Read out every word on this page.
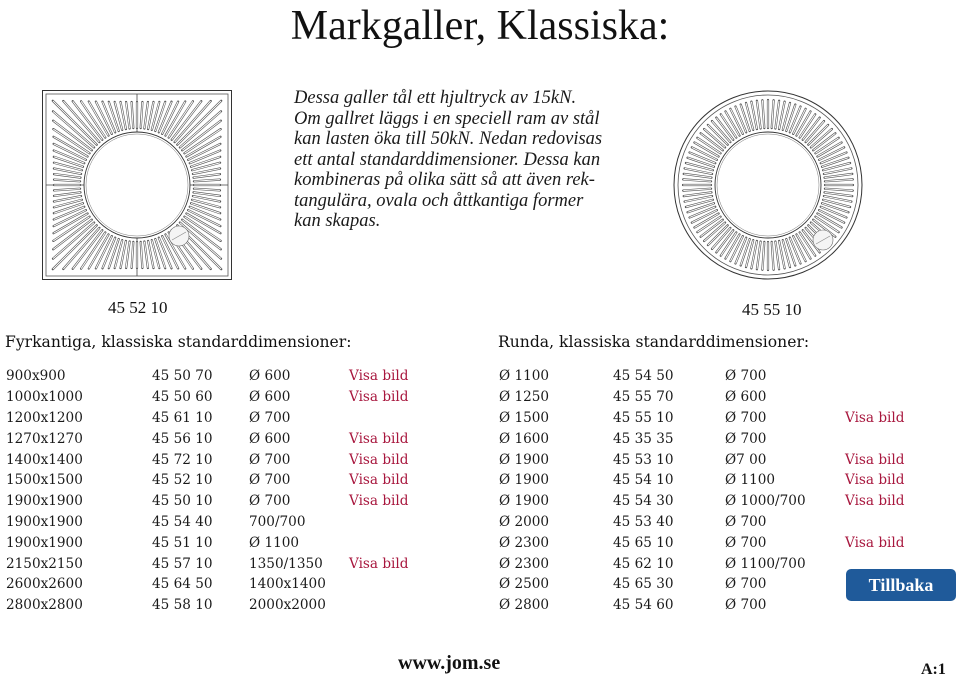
Markgaller, Klassiska:
Dessa galler tål ett hjultryck av 15kN.
Om gallret läggs i en speciell ram av stål
kan lasten öka till 50kN. Nedan redovisas
ett antal standarddimensioner. Dessa kan
kombineras på olika sätt så att även rek-
tangulära, ovala och åttkantiga former
kan skapas.
45 52 10	45 55 10
Fyrkantiga, klassiska standarddimensioner:	Runda, klassiska standarddimensioner:
900x900	45 50 70	Ø 600	Visa bild
1000x1000	45 50 60	Ø 600	Visa bild
1200x1200	45 61 10	Ø 700	
1270x1270	45 56 10	Ø 600	Visa bild
1400x1400	45 72 10	Ø 700	Visa bild
1500x1500	45 52 10	Ø 700	Visa bild
1900x1900	45 50 10	Ø 700	Visa bild
1900x1900	45 54 40	700/700	
1900x1900	45 51 10	Ø 1100	
2150x2150	45 57 10	1350/1350	Visa bild
2600x2600	45 64 50	1400x1400	
2800x2800	45 58 10	2000x2000	
Ø 1100	45 54 50	Ø 700	
Ø 1250	45 55 70	Ø 600	
Ø 1500	45 55 10	Ø 700	Visa bild
Ø 1600	45 35 35	Ø 700	
Ø 1900	45 53 10	Ø7 00	Visa bild
Ø 1900	45 54 10	Ø 1100	Visa bild
Ø 1900	45 54 30	Ø 1000/700	Visa bild
Ø 2000	45 53 40	Ø 700	
Ø 2300	45 65 10	Ø 700	Visa bild
Ø 2300	45 62 10	Ø 1100/700	
Ø 2500	45 65 30	Ø 700	
Ø 2800	45 54 60	Ø 700	
Tillbaka
www.jom.se	A:1
